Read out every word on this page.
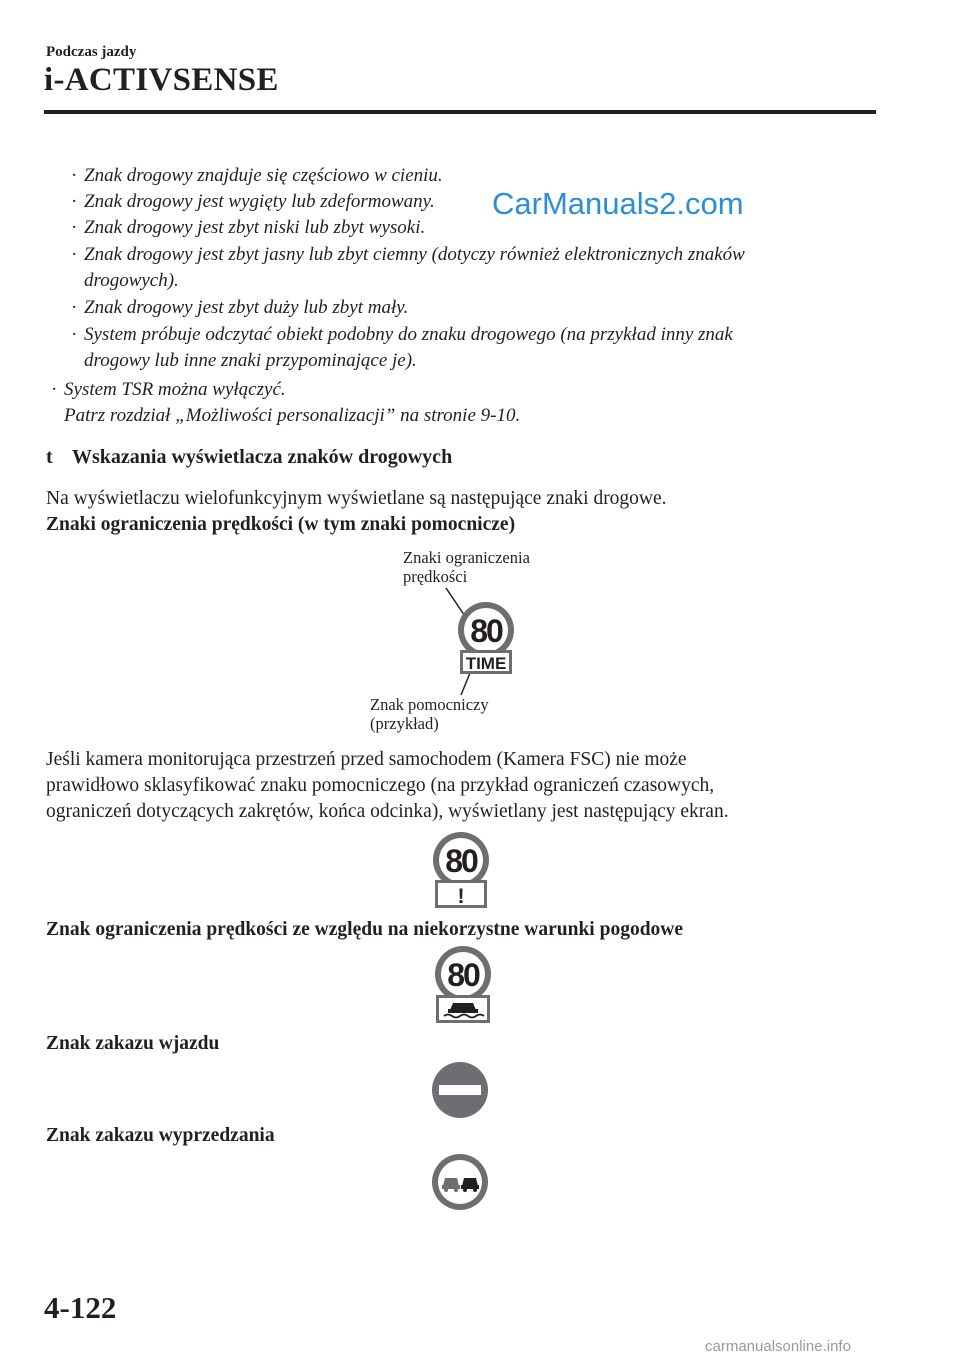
Podczas jazdy
i-ACTIVSENSE
· Znak drogowy znajduje się częściowo w cieniu.
· Znak drogowy jest wygięty lub zdeformowany.
· Znak drogowy jest zbyt niski lub zbyt wysoki.
· Znak drogowy jest zbyt jasny lub zbyt ciemny (dotyczy również elektronicznych znaków
drogowych).
· Znak drogowy jest zbyt duży lub zbyt mały.
· System próbuje odczytać obiekt podobny do znaku drogowego (na przykład inny znak
drogowy lub inne znaki przypominające je).
· System TSR można wyłączyć.
Patrz rozdział „Możliwości personalizacji” na stronie 9-10.
CarManuals2.com
t Wskazania wyświetlacza znaków drogowych
Na wyświetlaczu wielofunkcyjnym wyświetlane są następujące znaki drogowe.
Znaki ograniczenia prędkości (w tym znaki pomocnicze)
Znaki ograniczenia
prędkości
80
TIME
Znak pomocniczy
(przykład)
Jeśli kamera monitorująca przestrzeń przed samochodem (Kamera FSC) nie może
prawidłowo sklasyfikować znaku pomocniczego (na przykład ograniczeń czasowych,
ograniczeń dotyczących zakrętów, końca odcinka), wyświetlany jest następujący ekran.
80
!
Znak ograniczenia prędkości ze względu na niekorzystne warunki pogodowe
80
Znak zakazu wjazdu
Znak zakazu wyprzedzania
4-122
carmanualsonline.info
